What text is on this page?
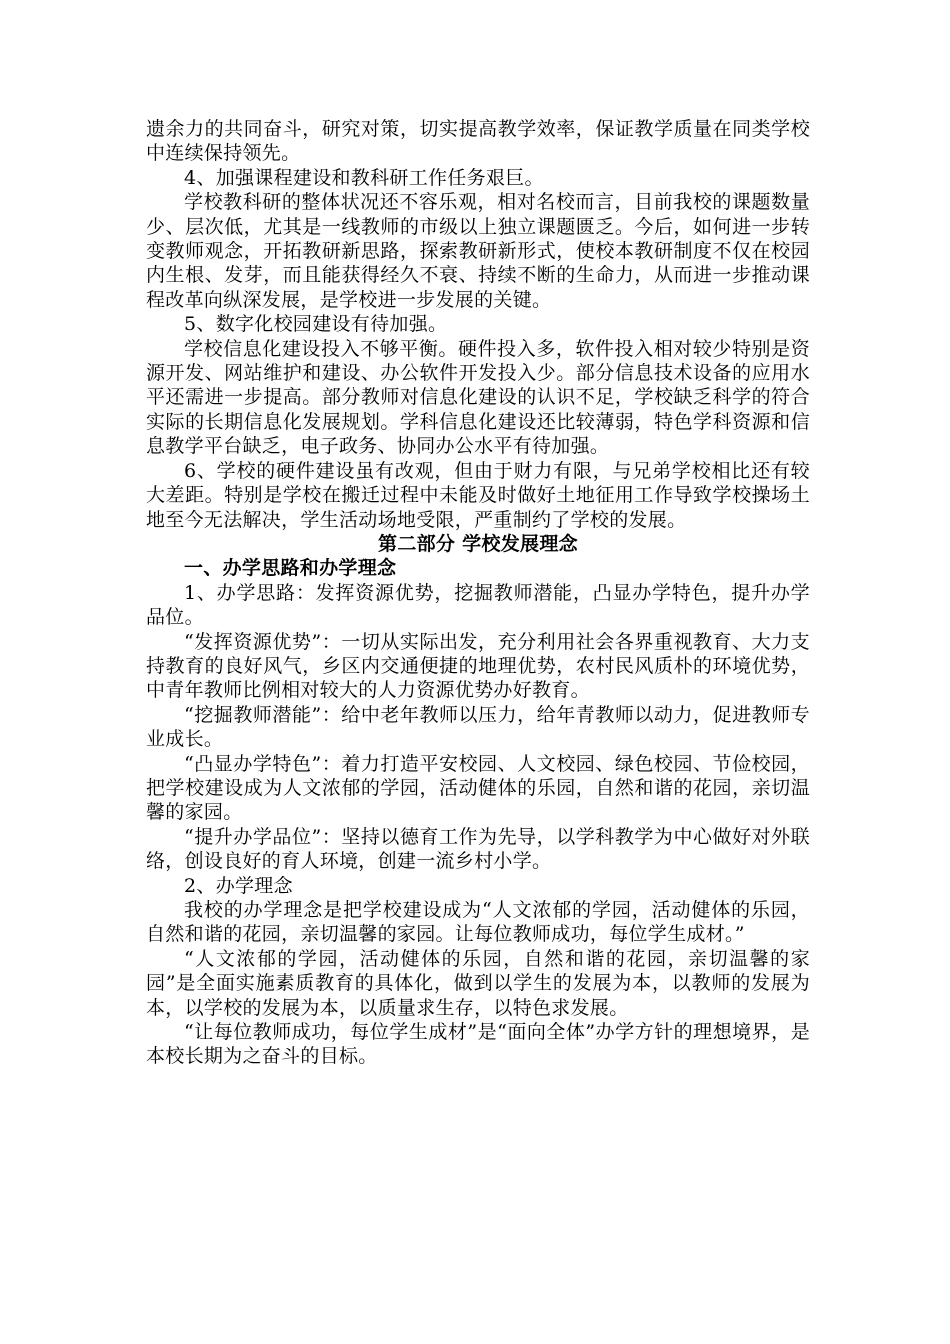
遗余力的共同奋斗，研究对策，切实提高教学效率，保证教学质量在同类学校中连续保持领先。

4、加强课程建设和教科研工作任务艰巨。

学校教科研的整体状况还不容乐观，相对名校而言，目前我校的课题数量少、层次低，尤其是一线教师的市级以上独立课题匮乏。今后，如何进一步转变教师观念，开拓教研新思路，探索教研新形式，使校本教研制度不仅在校园内生根、发芽，而且能获得经久不衰、持续不断的生命力，从而进一步推动课程改革向纵深发展，是学校进一步发展的关键。

5、数字化校园建设有待加强。

学校信息化建设投入不够平衡。硬件投入多，软件投入相对较少特别是资源开发、网站维护和建设、办公软件开发投入少。部分信息技术设备的应用水平还需进一步提高。部分教师对信息化建设的认识不足，学校缺乏科学的符合实际的长期信息化发展规划。学科信息化建设还比较薄弱，特色学科资源和信息教学平台缺乏，电子政务、协同办公水平有待加强。

6、学校的硬件建设虽有改观，但由于财力有限，与兄弟学校相比还有较大差距。特别是学校在搬迁过程中未能及时做好土地征用工作导致学校操场土地至今无法解决，学生活动场地受限，严重制约了学校的发展。

第二部分 学校发展理念

一、办学思路和办学理念

1、办学思路：发挥资源优势，挖掘教师潜能，凸显办学特色，提升办学品位。

“发挥资源优势”：一切从实际出发，充分利用社会各界重视教育、大力支持教育的良好风气，乡区内交通便捷的地理优势，农村民风质朴的环境优势，中青年教师比例相对较大的人力资源优势办好教育。

“挖掘教师潜能”：给中老年教师以压力，给年青教师以动力，促进教师专业成长。

“凸显办学特色”：着力打造平安校园、人文校园、绿色校园、节俭校园，把学校建设成为人文浓郁的学园，活动健体的乐园，自然和谐的花园，亲切温馨的家园。

“提升办学品位”：坚持以德育工作为先导，以学科教学为中心做好对外联络，创设良好的育人环境，创建一流乡村小学。

2、办学理念

我校的办学理念是把学校建设成为“人文浓郁的学园，活动健体的乐园，自然和谐的花园，亲切温馨的家园。让每位教师成功，每位学生成材。”

“人文浓郁的学园，活动健体的乐园，自然和谐的花园，亲切温馨的家园”是全面实施素质教育的具体化，做到以学生的发展为本，以教师的发展为本，以学校的发展为本，以质量求生存，以特色求发展。

“让每位教师成功，每位学生成材”是“面向全体”办学方针的理想境界，是本校长期为之奋斗的目标。
